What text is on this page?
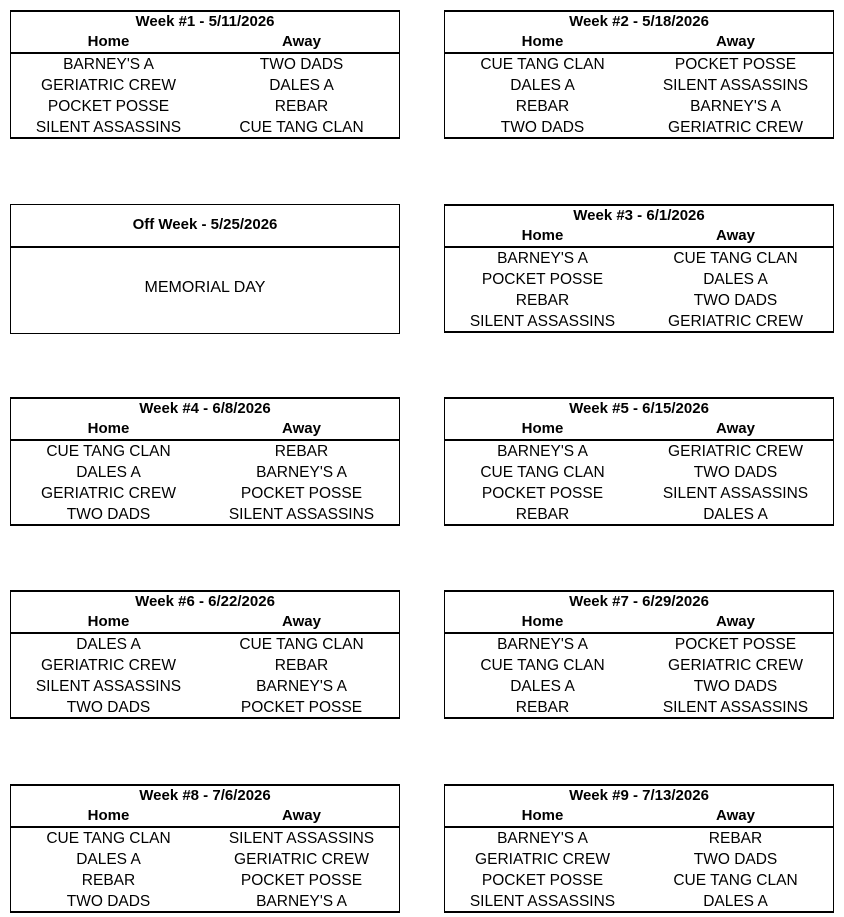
Week #1 - 5/11/2026
Home	Away
BARNEY'S A	TWO DADS
GERIATRIC CREW	DALES A
POCKET POSSE	REBAR
SILENT ASSASSINS	CUE TANG CLAN
Week #2 - 5/18/2026
Home	Away
CUE TANG CLAN	POCKET POSSE
DALES A	SILENT ASSASSINS
REBAR	BARNEY'S A
TWO DADS	GERIATRIC CREW
Off Week - 5/25/2026
MEMORIAL DAY
Week #3 - 6/1/2026
Home	Away
BARNEY'S A	CUE TANG CLAN
POCKET POSSE	DALES A
REBAR	TWO DADS
SILENT ASSASSINS	GERIATRIC CREW
Week #4 - 6/8/2026
Home	Away
CUE TANG CLAN	REBAR
DALES A	BARNEY'S A
GERIATRIC CREW	POCKET POSSE
TWO DADS	SILENT ASSASSINS
Week #5 - 6/15/2026
Home	Away
BARNEY'S A	GERIATRIC CREW
CUE TANG CLAN	TWO DADS
POCKET POSSE	SILENT ASSASSINS
REBAR	DALES A
Week #6 - 6/22/2026
Home	Away
DALES A	CUE TANG CLAN
GERIATRIC CREW	REBAR
SILENT ASSASSINS	BARNEY'S A
TWO DADS	POCKET POSSE
Week #7 - 6/29/2026
Home	Away
BARNEY'S A	POCKET POSSE
CUE TANG CLAN	GERIATRIC CREW
DALES A	TWO DADS
REBAR	SILENT ASSASSINS
Week #8 - 7/6/2026
Home	Away
CUE TANG CLAN	SILENT ASSASSINS
DALES A	GERIATRIC CREW
REBAR	POCKET POSSE
TWO DADS	BARNEY'S A
Week #9 - 7/13/2026
Home	Away
BARNEY'S A	REBAR
GERIATRIC CREW	TWO DADS
POCKET POSSE	CUE TANG CLAN
SILENT ASSASSINS	DALES A
